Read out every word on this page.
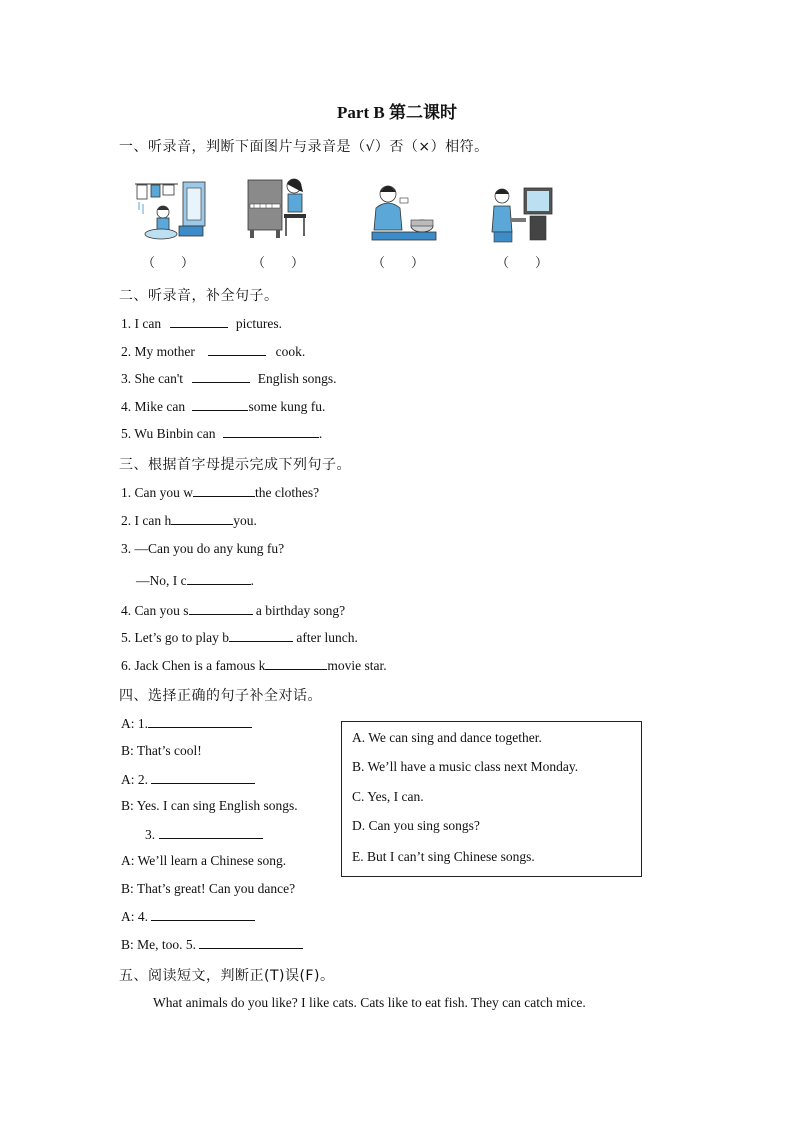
Part B 第二课时
一、听录音，判断下面图片与录音是（√）否（×）相符。
（　　）	（　　）	（　　）	（　　）
二、听录音，补全句子。
1. I can	pictures.
2. My mother	cook.
3. She can't	English songs.
4. Mike can	some kung fu.
5. Wu Binbin can	.
三、根据首字母提示完成下列句子。
1. Can you w	the clothes?
2. I can h	you.
3. —Can you do any kung fu?
—No, I c	.
4. Can you s	a birthday song?
5. Let’s go to play b	after lunch.
6. Jack Chen is a famous k	movie star.
四、选择正确的句子补全对话。
A: 1.
B: That’s cool!
A: 2.
B: Yes. I can sing English songs.
3.
A: We’ll learn a Chinese song.
B: That’s great! Can you dance?
A: 4.
B: Me, too. 5.
A. We can sing and dance together.
B. We’ll have a music class next Monday.
C. Yes, I can.
D. Can you sing songs?
E. But I can’t sing Chinese songs.
五、阅读短文，判断正(T)误(F)。
What animals do you like? I like cats. Cats like to eat fish. They can catch mice.
